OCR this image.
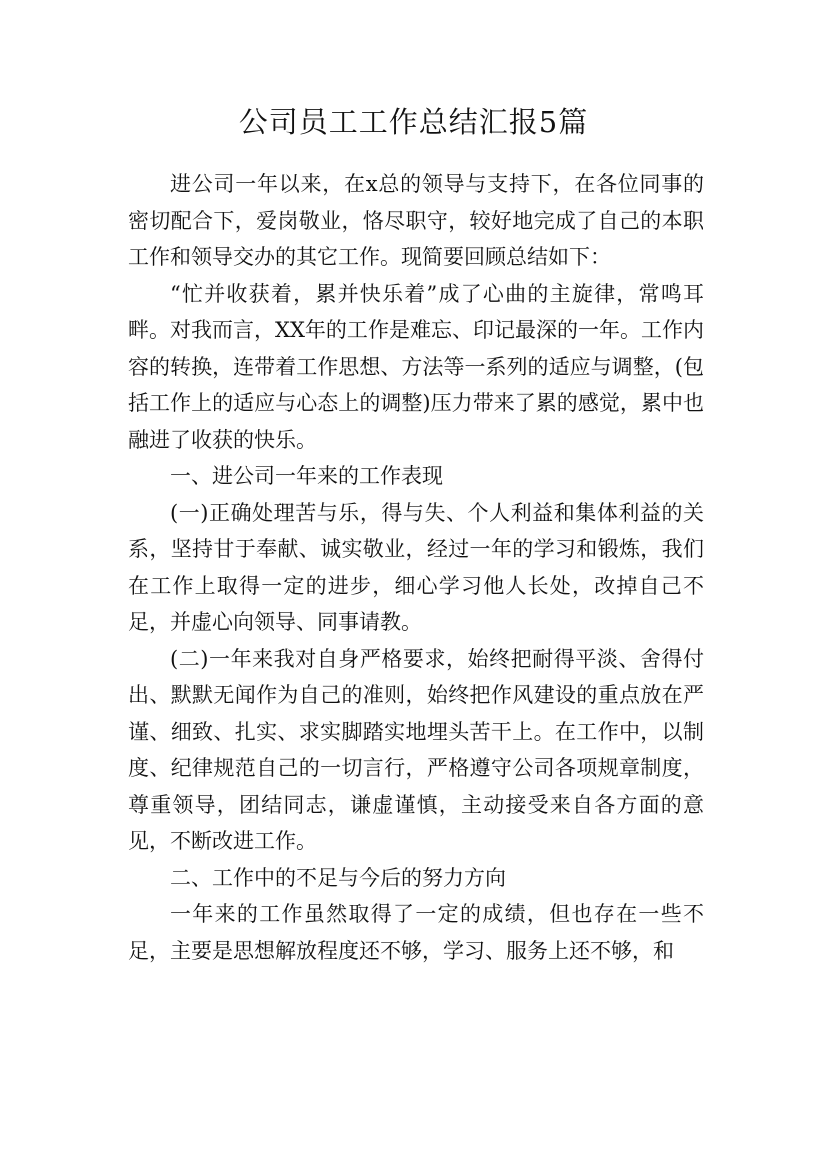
公司员工工作总结汇报5篇

进公司一年以来，在x总的领导与支持下，在各位同事的密切配合下，爱岗敬业，恪尽职守，较好地完成了自己的本职工作和领导交办的其它工作。现简要回顾总结如下：

“忙并收获着，累并快乐着”成了心曲的主旋律，常鸣耳畔。对我而言，XX年的工作是难忘、印记最深的一年。工作内容的转换，连带着工作思想、方法等一系列的适应与调整，(包括工作上的适应与心态上的调整)压力带来了累的感觉，累中也融进了收获的快乐。

一、进公司一年来的工作表现

(一)正确处理苦与乐，得与失、个人利益和集体利益的关系，坚持甘于奉献、诚实敬业，经过一年的学习和锻炼，我们在工作上取得一定的进步，细心学习他人长处，改掉自己不足，并虚心向领导、同事请教。

(二)一年来我对自身严格要求，始终把耐得平淡、舍得付出、默默无闻作为自己的准则，始终把作风建设的重点放在严谨、细致、扎实、求实脚踏实地埋头苦干上。在工作中，以制度、纪律规范自己的一切言行，严格遵守公司各项规章制度，尊重领导，团结同志，谦虚谨慎，主动接受来自各方面的意见，不断改进工作。

二、工作中的不足与今后的努力方向

一年来的工作虽然取得了一定的成绩，但也存在一些不足，主要是思想解放程度还不够，学习、服务上还不够，和
